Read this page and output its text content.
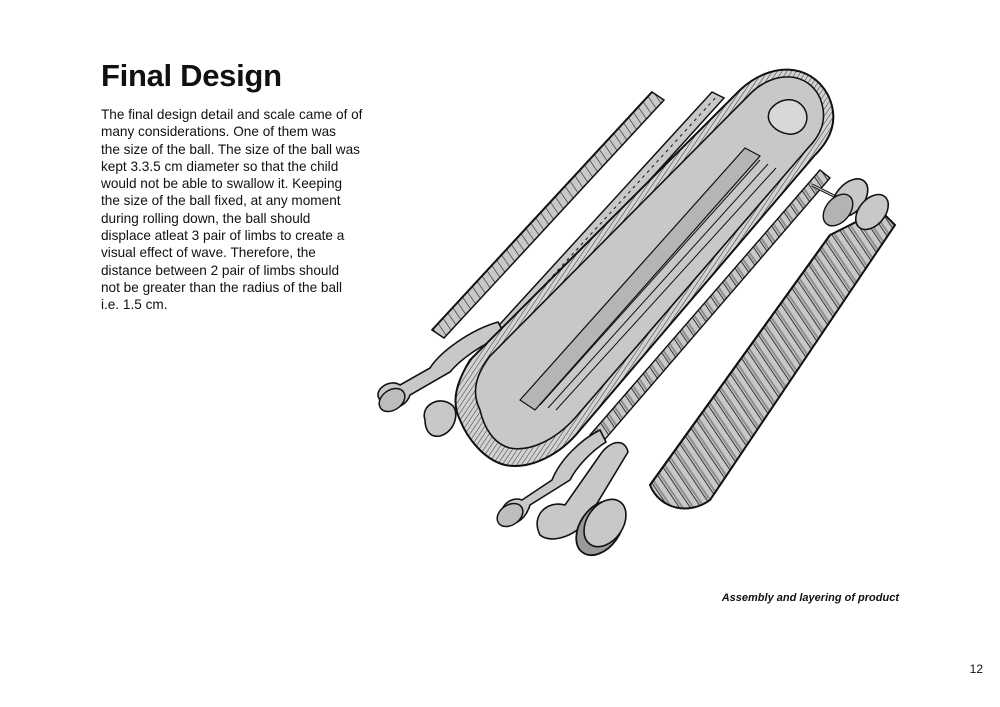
Final Design

The final design detail and scale came of of
many considerations. One of them was
the size of the ball. The size of the ball was
kept 3.3.5 cm diameter so that the child
would not be able to swallow it. Keeping
the size of the ball fixed, at any moment
during rolling down, the ball should
displace atleat 3 pair of limbs to create a
visual effect of wave. Therefore, the
distance between 2 pair of limbs should
not be greater than the radius of the ball
i.e. 1.5 cm.

Assembly and layering of product

12
